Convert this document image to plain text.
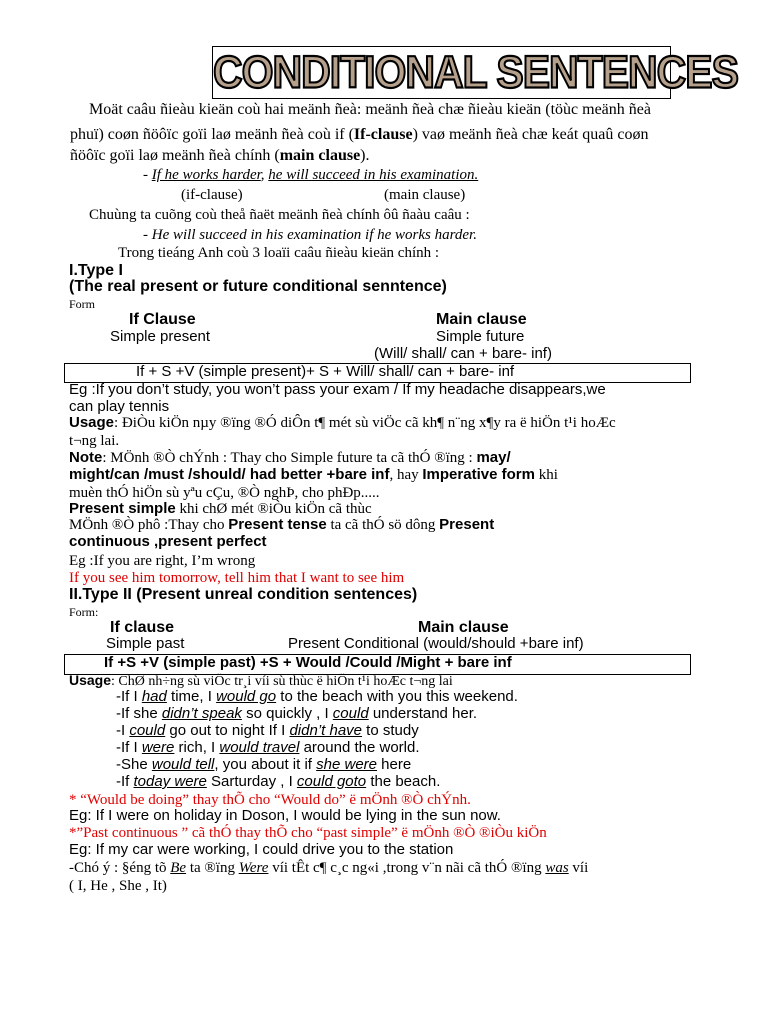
CONDITIONAL SENTENCES
Moät caâu ñieàu kieän coù hai meänh ñeà: meänh ñeà chæ ñieàu kieän (töùc meänh ñeà
phuï) coøn ñöôïc goïi laø meänh ñeà coù if (If-clause) vaø meänh ñeà chæ keát quaû coøn
ñöôïc goïi laø meänh ñeà chính (main clause).
- If he works harder, he will succeed in his examination.
(if-clause)	(main clause)
Chuùng ta cuõng coù theå ñaët meänh ñeà chính ôû ñaàu caâu :
- He will succeed in his examination if he works harder.
Trong tieáng Anh coù 3 loaïi caâu ñieàu kieän chính :
I.Type I
(The real present or future conditional senntence)
Form
If Clause	Main clause
Simple present	Simple future
(Will/ shall/ can + bare- inf)
If + S +V (simple present)+ S + Will/ shall/ can + bare- inf
Eg :If you don’t study, you won’t pass your exam / If my headache disappears,we
can play tennis
Usage: ĐiÒu kiÖn nµy ®ïng ®Ó diÔn t¶ mét sù viÖc cã kh¶ n¨ng x¶y ra ë hiÖn t¹i hoÆc
t¬ng lai.
Note: MÖnh ®Ò chÝnh : Thay cho Simple future ta cã thÓ ®ïng : may/
might/can /must /should/ had better +bare inf, hay Imperative form khi
muèn thÓ hiÖn sù yªu cÇu, ®Ò nghÞ, cho phÐp.....
Present simple khi chØ mét ®iÒu kiÖn cã thùc
MÖnh ®Ò phô :Thay cho Present tense ta cã thÓ sö dông Present
continuous ,present perfect
Eg :If you are right, I’m wrong
If you see him tomorrow, tell him that I want to see him
II.Type II (Present unreal condition sentences)
Form:
If clause	Main clause
Simple past	Present Conditional (would/should +bare inf)
If +S +V (simple past) +S + Would /Could /Might + bare inf
Usage: ChØ nh÷ng sù viÖc tr¸i víi sù thùc ë hiÖn t¹i hoÆc t¬ng lai
-If I had time, I would go to the beach with you this weekend.
-If she didn’t speak so quickly , I could understand her.
-I could go out to night If I didn’t have to study
-If I were rich, I would travel around the world.
-She would tell, you about it if she were here
-If today were Sarturday , I could goto the beach.
* “Would be doing” thay thÕ cho “Would do” ë mÖnh ®Ò chÝnh.
Eg: If I were on holiday in Doson, I would be lying in the sun now.
*”Past continuous ” cã thÓ thay thÕ cho “past simple” ë mÖnh ®Ò ®iÒu kiÖn
Eg: If my car were working, I could drive you to the station
-Chó ý : §éng tõ Be ta ®ïng Were víi tÊt c¶ c¸c ng«i ,trong v¨n nãi cã thÓ ®ïng was víi
( I, He , She , It)
